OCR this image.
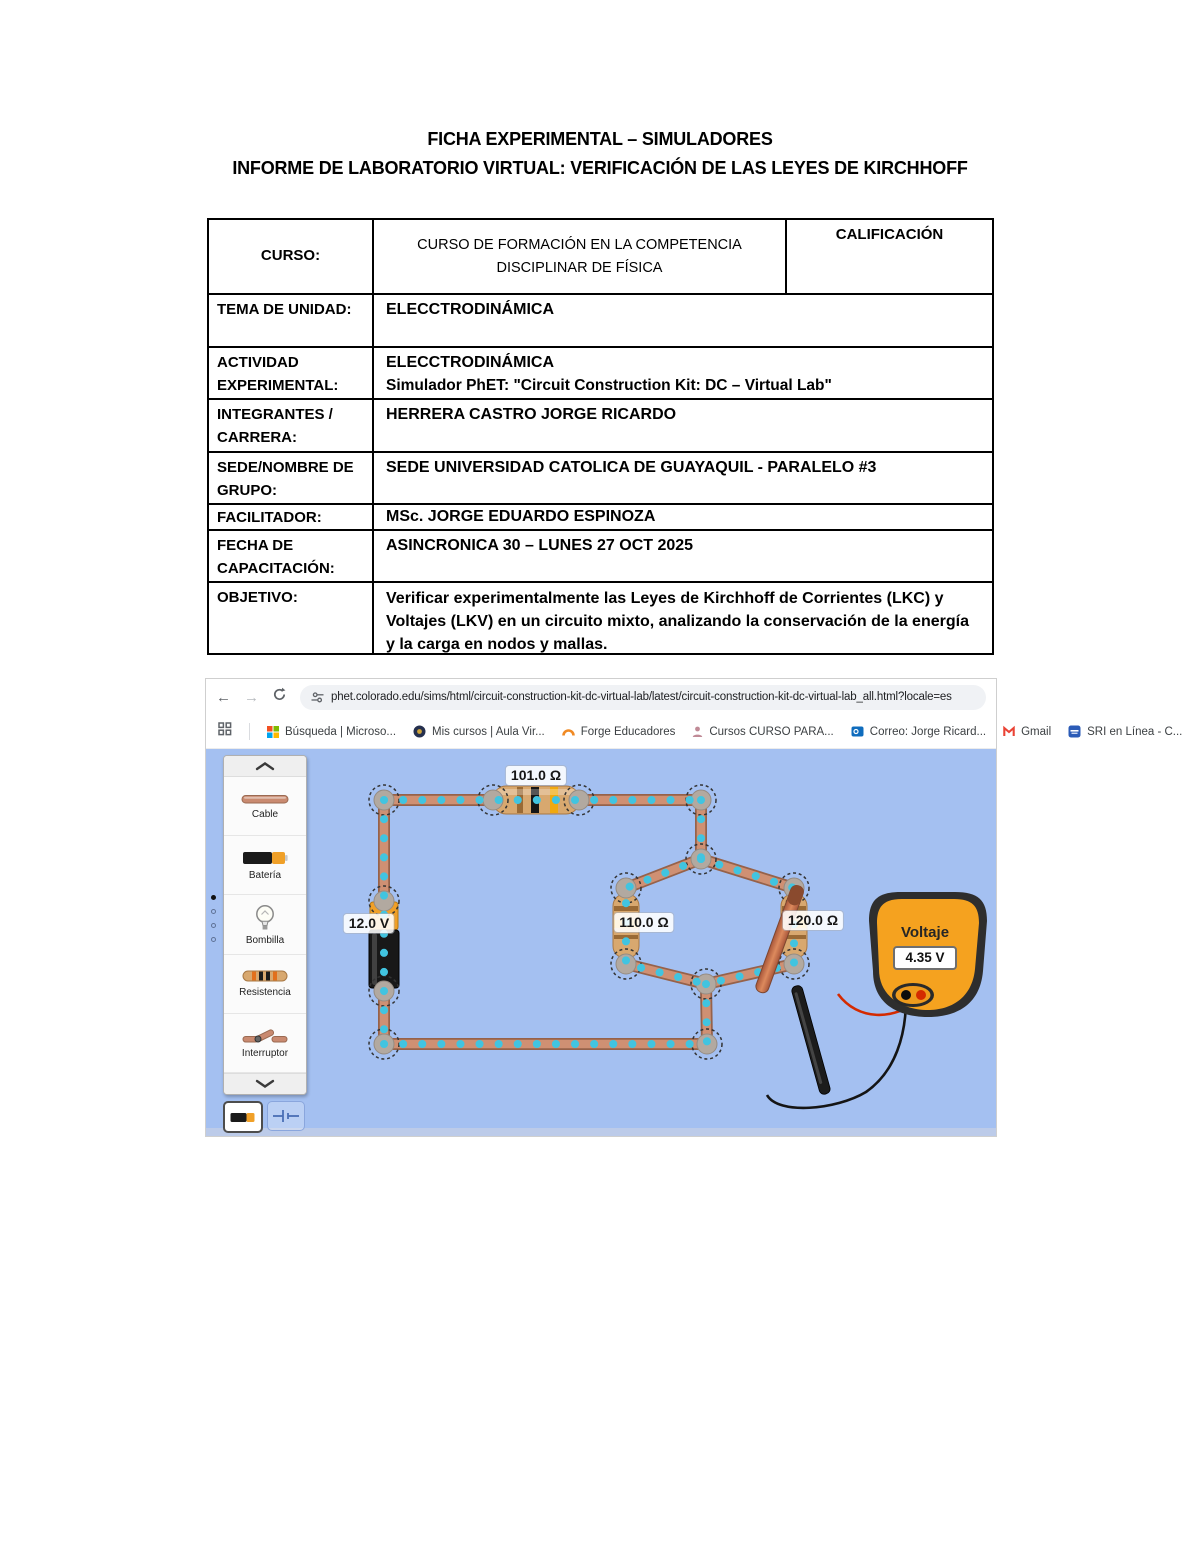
FICHA EXPERIMENTAL – SIMULADORES
INFORME DE LABORATORIO VIRTUAL: VERIFICACIÓN DE LAS LEYES DE KIRCHHOFF
CURSO:
CURSO DE FORMACIÓN EN LA COMPETENCIA DISCIPLINAR DE FÍSICA
CALIFICACIÓN
TEMA DE UNIDAD:	ELECCTRODINÁMICA
ACTIVIDAD EXPERIMENTAL:
ELECCTRODINÁMICA
Simulador PhET: "Circuit Construction Kit: DC – Virtual Lab"
INTEGRANTES / CARRERA:
HERRERA CASTRO JORGE RICARDO
SEDE/NOMBRE DE GRUPO:
SEDE UNIVERSIDAD CATOLICA DE GUAYAQUIL - PARALELO #3
FACILITADOR:	MSc. JORGE EDUARDO ESPINOZA
FECHA DE CAPACITACIÓN:
ASINCRONICA 30 – LUNES 27 OCT 2025
OBJETIVO:	Verificar experimentalmente las Leyes de Kirchhoff de Corrientes (LKC) y Voltajes (LKV) en un circuito mixto, analizando la conservación de la energía y la carga en nodos y mallas.
← →	phet.colorado.edu/sims/html/circuit-construction-kit-dc-virtual-lab/latest/circuit-construction-kit-dc-virtual-lab_all.html?locale=es
Búsqueda | Microso...	Mis cursos | Aula Vir...	Forge Educadores	Cursos CURSO PARA...	Correo: Jorge Ricard...	Gmail	SRI en Línea - C...
Cable
Batería
Bombilla
Resistencia
Interruptor
101.0 Ω
12.0 V	110.0 Ω	120.0 Ω
Voltaje
4.35 V
